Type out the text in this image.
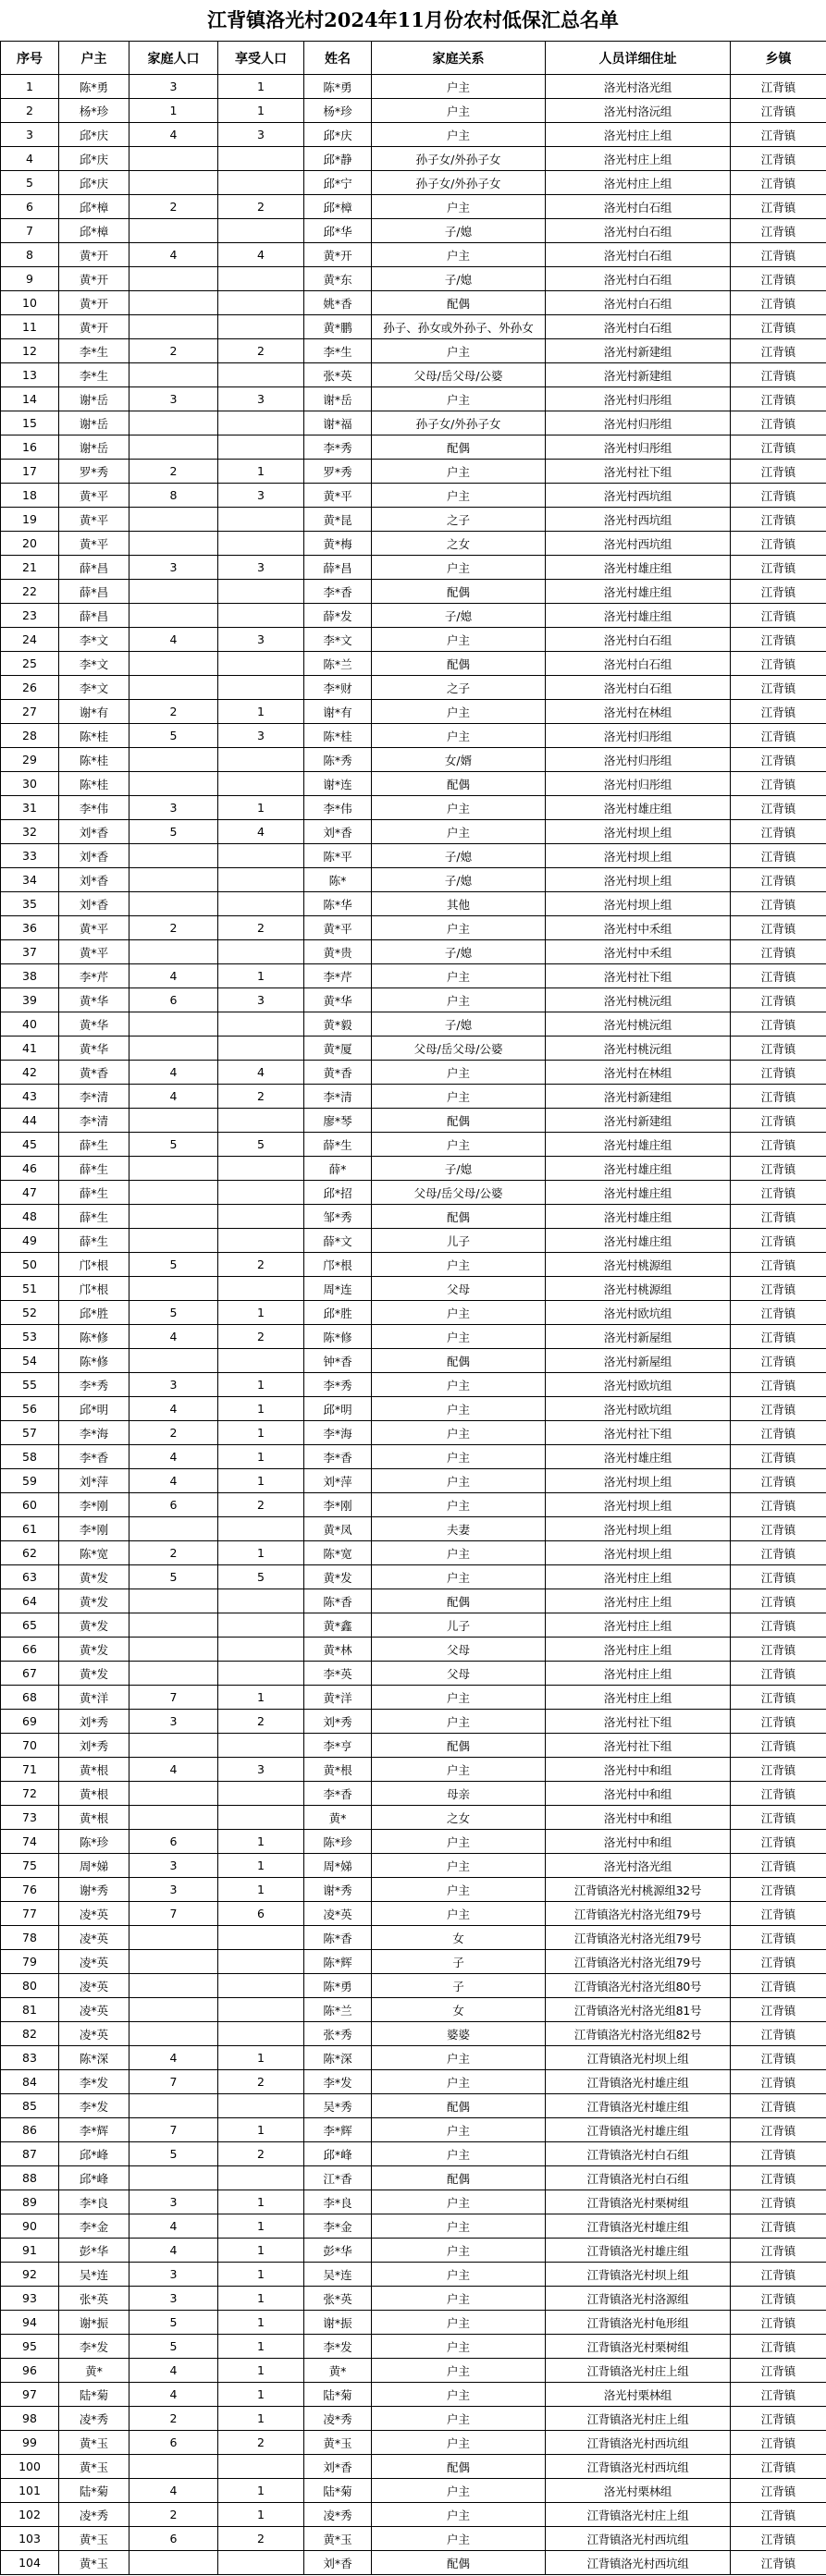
江背镇洛光村2024年11月份农村低保汇总名单
序号	户主	家庭人口	享受人口	姓名	家庭关系	人员详细住址	乡镇
1	陈*勇	3	1	陈*勇	户主	洛光村洛光组	江背镇
2	杨*珍	1	1	杨*珍	户主	洛光村洛沅组	江背镇
3	邱*庆	4	3	邱*庆	户主	洛光村庄上组	江背镇
4	邱*庆			邱*静	孙子女/外孙子女	洛光村庄上组	江背镇
5	邱*庆			邱*宁	孙子女/外孙子女	洛光村庄上组	江背镇
6	邱*樟	2	2	邱*樟	户主	洛光村白石组	江背镇
7	邱*樟			邱*华	子/媳	洛光村白石组	江背镇
8	黄*开	4	4	黄*开	户主	洛光村白石组	江背镇
9	黄*开			黄*东	子/媳	洛光村白石组	江背镇
10	黄*开			姚*香	配偶	洛光村白石组	江背镇
11	黄*开			黄*鹏	孙子、孙女或外孙子、外孙女	洛光村白石组	江背镇
12	李*生	2	2	李*生	户主	洛光村新建组	江背镇
13	李*生			张*英	父母/岳父母/公婆	洛光村新建组	江背镇
14	谢*岳	3	3	谢*岳	户主	洛光村归彤组	江背镇
15	谢*岳			谢*福	孙子女/外孙子女	洛光村归彤组	江背镇
16	谢*岳			李*秀	配偶	洛光村归彤组	江背镇
17	罗*秀	2	1	罗*秀	户主	洛光村社下组	江背镇
18	黄*平	8	3	黄*平	户主	洛光村西坑组	江背镇
19	黄*平			黄*昆	之子	洛光村西坑组	江背镇
20	黄*平			黄*梅	之女	洛光村西坑组	江背镇
21	薛*昌	3	3	薛*昌	户主	洛光村雄庄组	江背镇
22	薛*昌			李*香	配偶	洛光村雄庄组	江背镇
23	薛*昌			薛*发	子/媳	洛光村雄庄组	江背镇
24	李*文	4	3	李*文	户主	洛光村白石组	江背镇
25	李*文			陈*兰	配偶	洛光村白石组	江背镇
26	李*文			李*财	之子	洛光村白石组	江背镇
27	谢*有	2	1	谢*有	户主	洛光村在林组	江背镇
28	陈*桂	5	3	陈*桂	户主	洛光村归彤组	江背镇
29	陈*桂			陈*秀	女/婿	洛光村归彤组	江背镇
30	陈*桂			谢*连	配偶	洛光村归彤组	江背镇
31	李*伟	3	1	李*伟	户主	洛光村雄庄组	江背镇
32	刘*香	5	4	刘*香	户主	洛光村坝上组	江背镇
33	刘*香			陈*平	子/媳	洛光村坝上组	江背镇
34	刘*香			陈*	子/媳	洛光村坝上组	江背镇
35	刘*香			陈*华	其他	洛光村坝上组	江背镇
36	黄*平	2	2	黄*平	户主	洛光村中禾组	江背镇
37	黄*平			黄*贵	子/媳	洛光村中禾组	江背镇
38	李*芹	4	1	李*芹	户主	洛光村社下组	江背镇
39	黄*华	6	3	黄*华	户主	洛光村桃沅组	江背镇
40	黄*华			黄*毅	子/媳	洛光村桃沅组	江背镇
41	黄*华			黄*厦	父母/岳父母/公婆	洛光村桃沅组	江背镇
42	黄*香	4	4	黄*香	户主	洛光村在林组	江背镇
43	李*清	4	2	李*清	户主	洛光村新建组	江背镇
44	李*清			廖*琴	配偶	洛光村新建组	江背镇
45	薛*生	5	5	薛*生	户主	洛光村雄庄组	江背镇
46	薛*生			薛*	子/媳	洛光村雄庄组	江背镇
47	薛*生			邱*招	父母/岳父母/公婆	洛光村雄庄组	江背镇
48	薛*生			邹*秀	配偶	洛光村雄庄组	江背镇
49	薛*生			薛*文	儿子	洛光村雄庄组	江背镇
50	邝*根	5	2	邝*根	户主	洛光村桃源组	江背镇
51	邝*根			周*连	父母	洛光村桃源组	江背镇
52	邱*胜	5	1	邱*胜	户主	洛光村欧坑组	江背镇
53	陈*修	4	2	陈*修	户主	洛光村新屋组	江背镇
54	陈*修			钟*香	配偶	洛光村新屋组	江背镇
55	李*秀	3	1	李*秀	户主	洛光村欧坑组	江背镇
56	邱*明	4	1	邱*明	户主	洛光村欧坑组	江背镇
57	李*海	2	1	李*海	户主	洛光村社下组	江背镇
58	李*香	4	1	李*香	户主	洛光村雄庄组	江背镇
59	刘*萍	4	1	刘*萍	户主	洛光村坝上组	江背镇
60	李*刚	6	2	李*刚	户主	洛光村坝上组	江背镇
61	李*刚			黄*凤	夫妻	洛光村坝上组	江背镇
62	陈*宽	2	1	陈*宽	户主	洛光村坝上组	江背镇
63	黄*发	5	5	黄*发	户主	洛光村庄上组	江背镇
64	黄*发			陈*香	配偶	洛光村庄上组	江背镇
65	黄*发			黄*鑫	儿子	洛光村庄上组	江背镇
66	黄*发			黄*林	父母	洛光村庄上组	江背镇
67	黄*发			李*英	父母	洛光村庄上组	江背镇
68	黄*洋	7	1	黄*洋	户主	洛光村庄上组	江背镇
69	刘*秀	3	2	刘*秀	户主	洛光村社下组	江背镇
70	刘*秀			李*亨	配偶	洛光村社下组	江背镇
71	黄*根	4	3	黄*根	户主	洛光村中和组	江背镇
72	黄*根			李*香	母亲	洛光村中和组	江背镇
73	黄*根			黄*	之女	洛光村中和组	江背镇
74	陈*珍	6	1	陈*珍	户主	洛光村中和组	江背镇
75	周*娣	3	1	周*娣	户主	洛光村洛光组	江背镇
76	谢*秀	3	1	谢*秀	户主	江背镇洛光村桃源组32号	江背镇
77	凌*英	7	6	凌*英	户主	江背镇洛光村洛光组79号	江背镇
78	凌*英			陈*香	女	江背镇洛光村洛光组79号	江背镇
79	凌*英			陈*辉	子	江背镇洛光村洛光组79号	江背镇
80	凌*英			陈*勇	子	江背镇洛光村洛光组80号	江背镇
81	凌*英			陈*兰	女	江背镇洛光村洛光组81号	江背镇
82	凌*英			张*秀	婆婆	江背镇洛光村洛光组82号	江背镇
83	陈*深	4	1	陈*深	户主	江背镇洛光村坝上组	江背镇
84	李*发	7	2	李*发	户主	江背镇洛光村雄庄组	江背镇
85	李*发			吴*秀	配偶	江背镇洛光村雄庄组	江背镇
86	李*辉	7	1	李*辉	户主	江背镇洛光村雄庄组	江背镇
87	邱*峰	5	2	邱*峰	户主	江背镇洛光村白石组	江背镇
88	邱*峰			江*香	配偶	江背镇洛光村白石组	江背镇
89	李*良	3	1	李*良	户主	江背镇洛光村栗树组	江背镇
90	李*金	4	1	李*金	户主	江背镇洛光村雄庄组	江背镇
91	彭*华	4	1	彭*华	户主	江背镇洛光村雄庄组	江背镇
92	吴*连	3	1	吴*连	户主	江背镇洛光村坝上组	江背镇
93	张*英	3	1	张*英	户主	江背镇洛光村洛源组	江背镇
94	谢*振	5	1	谢*振	户主	江背镇洛光村龟形组	江背镇
95	李*发	5	1	李*发	户主	江背镇洛光村栗树组	江背镇
96	黄*	4	1	黄*	户主	江背镇洛光村庄上组	江背镇
97	陆*菊	4	1	陆*菊	户主	洛光村栗林组	江背镇
98	凌*秀	2	1	凌*秀	户主	江背镇洛光村庄上组	江背镇
99	黄*玉	6	2	黄*玉	户主	江背镇洛光村西坑组	江背镇
100	黄*玉			刘*香	配偶	江背镇洛光村西坑组	江背镇
101	陆*菊	4	1	陆*菊	户主	洛光村栗林组	江背镇
102	凌*秀	2	1	凌*秀	户主	江背镇洛光村庄上组	江背镇
103	黄*玉	6	2	黄*玉	户主	江背镇洛光村西坑组	江背镇
104	黄*玉			刘*香	配偶	江背镇洛光村西坑组	江背镇
